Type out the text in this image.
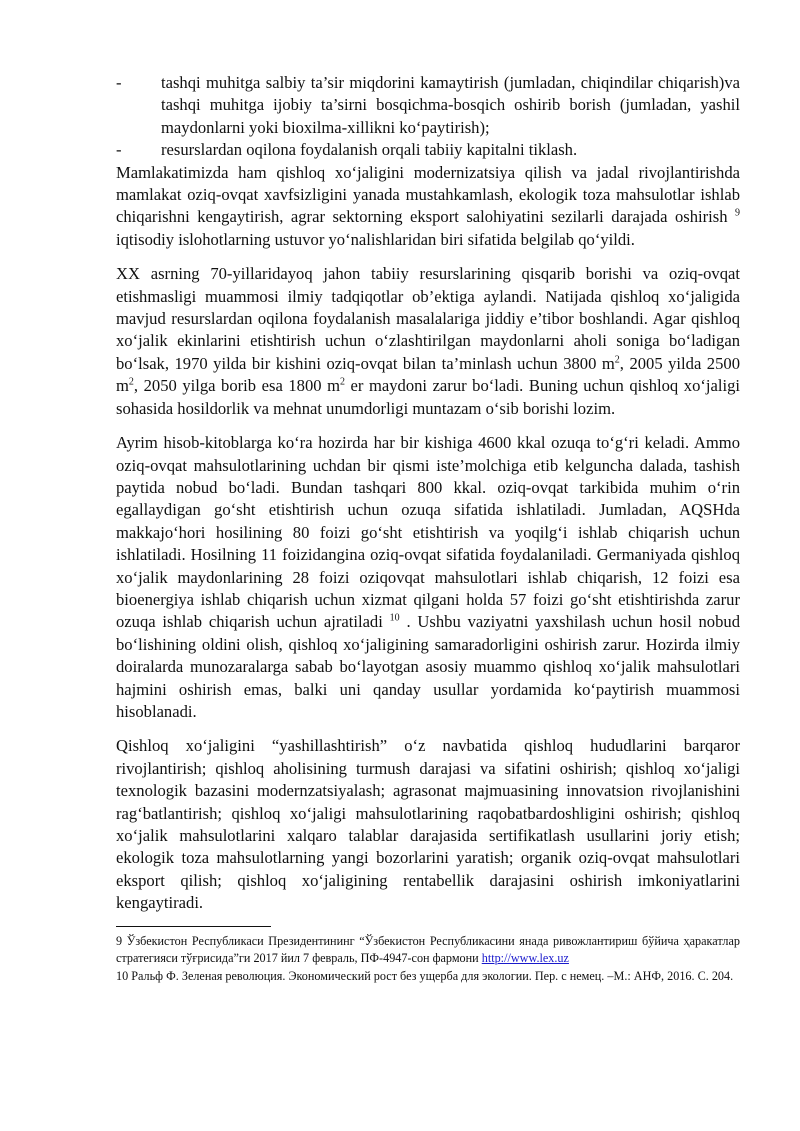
- tashqi muhitga salbiy ta’sir miqdorini kamaytirish (jumladan, chiqindilar chiqarish)va tashqi muhitga ijobiy ta’sirni bosqichma-bosqich oshirib borish (jumladan, yashil maydonlarni yoki bioxilma-xillikni ko‘paytirish);
- resurslardan oqilona foydalanish orqali tabiiy kapitalni tiklash.

Mamlakatimizda ham qishloq xo‘jaligini modernizatsiya qilish va jadal rivojlantirishda mamlakat oziq-ovqat xavfsizligini yanada mustahkamlash, ekologik toza mahsulotlar ishlab chiqarishni kengaytirish, agrar sektorning eksport salohiyatini sezilarli darajada oshirish $^9$ iqtisodiy islohotlarning ustuvor yo‘nalishlaridan biri sifatida belgilab qo‘yildi.

XX asrning 70-yillaridayoq jahon tabiiy resurslarining qisqarib borishi va oziq-ovqat etishmasligi muammosi ilmiy tadqiqotlar ob’ektiga aylandi. Natijada qishloq xo‘jaligida mavjud resurslardan oqilona foydalanish masalalariga jiddiy e’tibor boshlandi. Agar qishloq xo‘jalik ekinlarini etishtirish uchun o‘zlashtirilgan maydonlarni aholi soniga bo‘ladigan bo‘lsak, 1970 yilda bir kishini oziq-ovqat bilan ta’minlash uchun 3800 $m^2$, 2005 yilda 2500 $m^2$, 2050 yilga borib esa 1800 $m^2$ er maydoni zarur bo‘ladi. Buning uchun qishloq xo‘jaligi sohasida hosildorlik va mehnat unumdorligi muntazam o‘sib borishi lozim.

Ayrim hisob-kitoblarga ko‘ra hozirda har bir kishiga 4600 kkal ozuqa to‘g‘ri keladi. Ammo oziq-ovqat mahsulotlarining uchdan bir qismi iste’molchiga etib kelguncha dalada, tashish paytida nobud bo‘ladi. Bundan tashqari 800 kkal. oziq-ovqat tarkibida muhim o‘rin egallaydigan go‘sht etishtirish uchun ozuqa sifatida ishlatiladi. Jumladan, AQSHda makkajo‘hori hosilining 80 foizi go‘sht etishtirish va yoqilg‘i ishlab chiqarish uchun ishlatiladi. Hosilning 11 foizidangina oziq-ovqat sifatida foydalaniladi. Germaniyada qishloq xo‘jalik maydonlarining 28 foizi oziqovqat mahsulotlari ishlab chiqarish, 12 foizi esa bioenergiya ishlab chiqarish uchun xizmat qilgani holda 57 foizi go‘sht etishtirishda zarur ozuqa ishlab chiqarish uchun ajratiladi $^{10}$ . Ushbu vaziyatni yaxshilash uchun hosil nobud bo‘lishining oldini olish, qishloq xo‘jaligining samaradorligini oshirish zarur. Hozirda ilmiy doiralarda munozaralarga sabab bo‘layotgan asosiy muammo qishloq xo‘jalik mahsulotlari hajmini oshirish emas, balki uni qanday usullar yordamida ko‘paytirish muammosi hisoblanadi.

Qishloq xo‘jaligini “yashillashtirish” o‘z navbatida qishloq hududlarini barqaror rivojlantirish; qishloq aholisining turmush darajasi va sifatini oshirish; qishloq xo‘jaligi texnologik bazasini modernzatsiyalash; agrasonat majmuasining innovatsion rivojlanishini rag‘batlantirish; qishloq xo‘jaligi mahsulotlarining raqobatbardoshligini oshirish; qishloq xo‘jalik mahsulotlarini xalqaro talablar darajasida sertifikatlash usullarini joriy etish; ekologik toza mahsulotlarning yangi bozorlarini yaratish; organik oziq-ovqat mahsulotlari eksport qilish; qishloq xo‘jaligining rentabellik darajasini oshirish imkoniyatlarini kengaytiradi.

9 Ўзбекистон Республикаси Президентининг “Ўзбекистон Республикасини янада ривожлантириш бўйича ҳаракатлар стратегияси тўғрисида”ги 2017 йил 7 февраль, ПФ-4947-сон фармони http://www.lex.uz

10 Ральф Ф. Зеленая революция. Экономический рост без ущерба для экологии. Пер. с немец. –М.: АНФ, 2016. С. 204.
